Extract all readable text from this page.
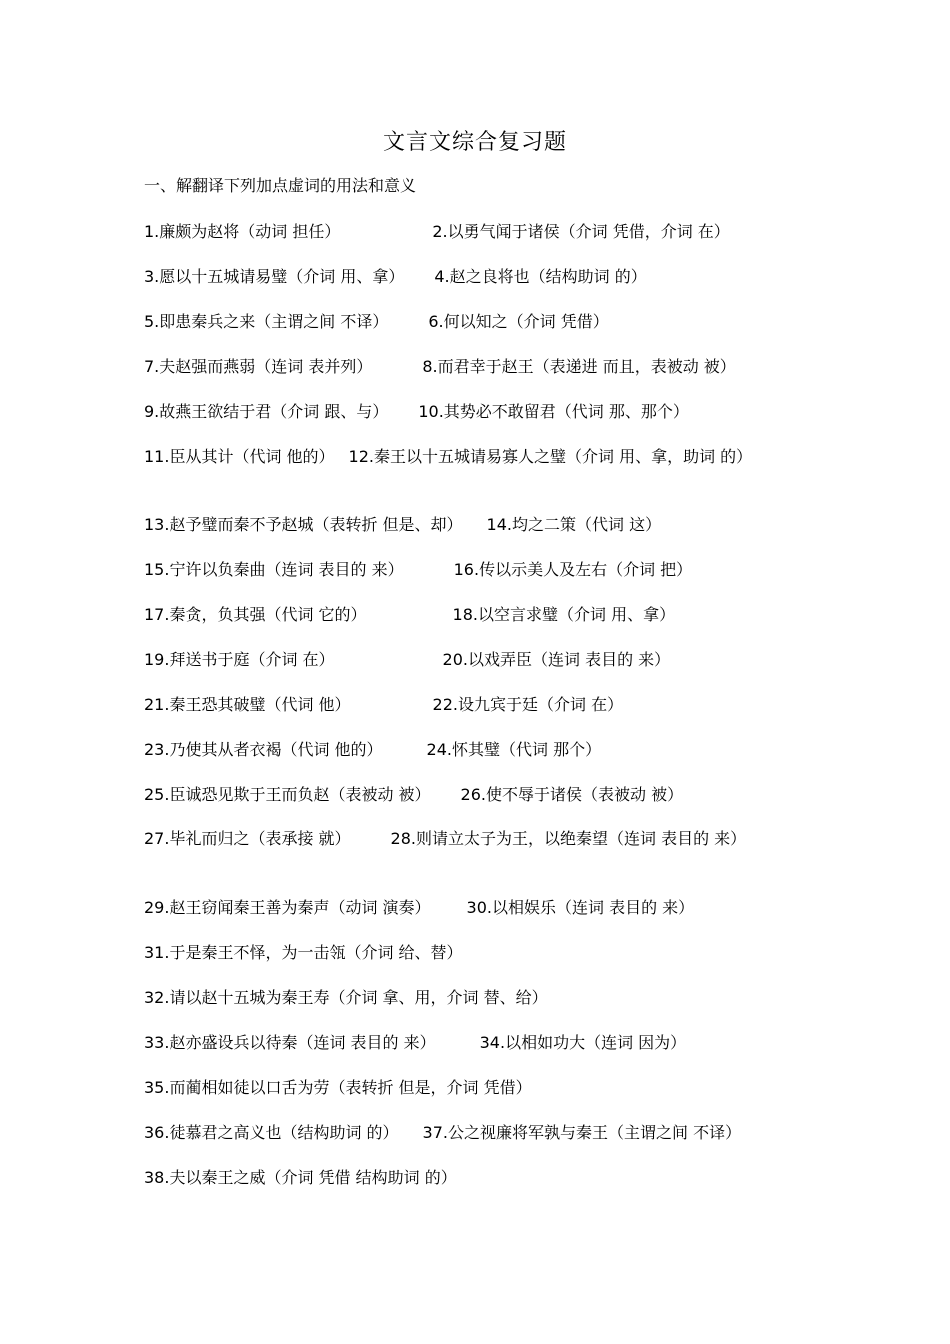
文言文综合复习题
一、解翻译下列加点虚词的用法和意义
1.廉颇为赵将（动词 担任）	2.以勇气闻于诸侯（介词 凭借，介词 在）
3.愿以十五城请易璧（介词 用、拿） 4.赵之良将也（结构助词 的）
5.即患秦兵之来（主谓之间 不译）	6.何以知之（介词 凭借）
7.夫赵强而燕弱（连词 表并列）	8.而君幸于赵王（表递进 而且，表被动 被）
9.故燕王欲结于君（介词 跟、与） 10.其势必不敢留君（代词 那、那个）
11.臣从其计（代词 他的） 12.秦王以十五城请易寡人之璧（介词 用、拿，助词 的）
13.赵予璧而秦不予赵城（表转折 但是、却） 14.均之二策（代词 这）
15.宁许以负秦曲（连词 表目的 来）	16.传以示美人及左右（介词 把）
17.秦贪，负其强（代词 它的）	18.以空言求璧（介词 用、拿）
19.拜送书于庭（介词 在）	20.以戏弄臣（连词 表目的 来）
21.秦王恐其破璧（代词 他）	22.设九宾于廷（介词 在）
23.乃使其从者衣褐（代词 他的）	24.怀其璧（代词 那个）
25.臣诚恐见欺于王而负赵（表被动 被） 26.使不辱于诸侯（表被动 被）
27.毕礼而归之（表承接 就）	28.则请立太子为王，以绝秦望（连词 表目的 来）
29.赵王窃闻秦王善为秦声（动词 演奏） 30.以相娱乐（连词 表目的 来）
31.于是秦王不怿，为一击瓴（介词 给、替）
32.请以赵十五城为秦王寿（介词 拿、用，介词 替、给）
33.赵亦盛设兵以待秦（连词 表目的 来）	34.以相如功大（连词 因为）
35.而蔺相如徒以口舌为劳（表转折 但是，介词 凭借）
36.徒慕君之高义也（结构助词 的） 37.公之视廉将军孰与秦王（主谓之间 不译）
38.夫以秦王之威（介词 凭借 结构助词 的）
